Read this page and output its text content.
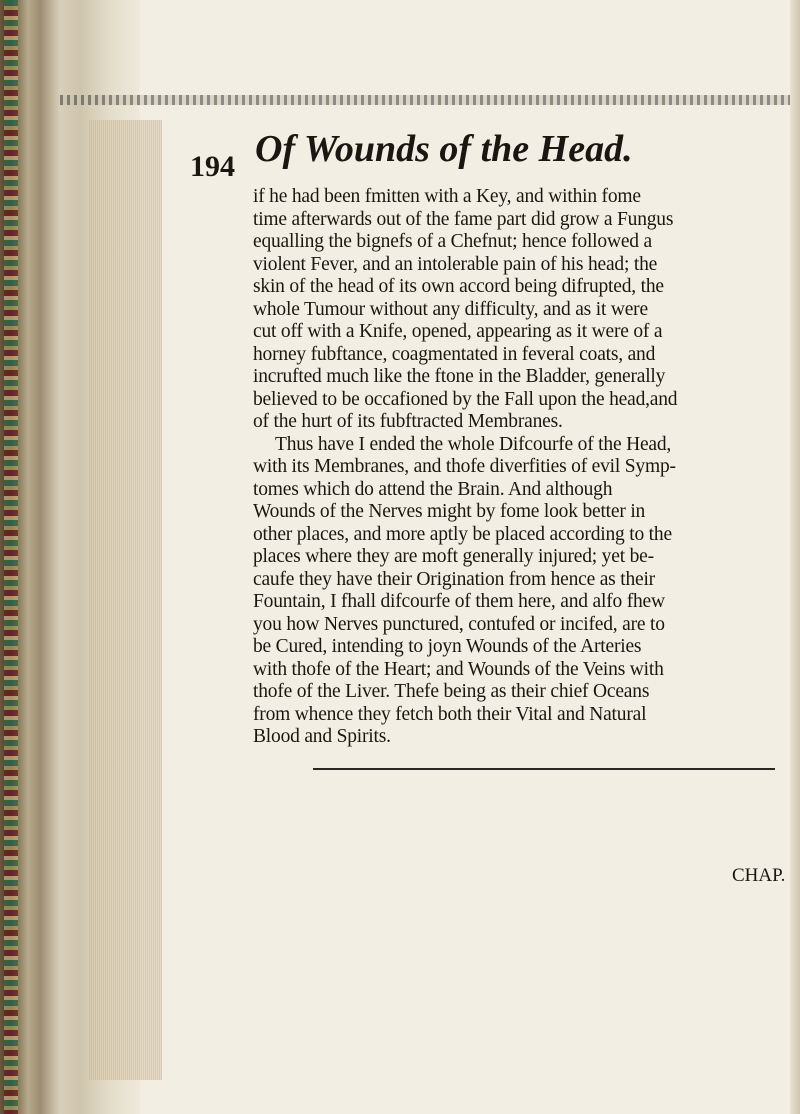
194 Of Wounds of the Head.
if he had been fmitten with a Key, and within fome
time afterwards out of the fame part did grow a Fungus
equalling the bignefs of a Chefnut; hence followed a
violent Fever, and an intolerable pain of his head; the
skin of the head of its own accord being difrupted, the
whole Tumour without any difficulty, and as it were
cut off with a Knife, opened, appearing as it were of a
horney fubftance, coagmentated in feveral coats, and
incrufted much like the ftone in the Bladder, generally
believed to be occafioned by the Fall upon the head,and
of the hurt of its fubftracted Membranes.
Thus have I ended the whole Difcourfe of the Head,
with its Membranes, and thofe diverfities of evil Symp-
tomes which do attend the Brain. And although
Wounds of the Nerves might by fome look better in
other places, and more aptly be placed according to the
places where they are moft generally injured; yet be-
caufe they have their Origination from hence as their
Fountain, I fhall difcourfe of them here, and alfo fhew
you how Nerves punctured, contufed or incifed, are to
be Cured, intending to joyn Wounds of the Arteries
with thofe of the Heart; and Wounds of the Veins with
thofe of the Liver. Thefe being as their chief Oceans
from whence they fetch both their Vital and Natural
Blood and Spirits.
CHAP.
